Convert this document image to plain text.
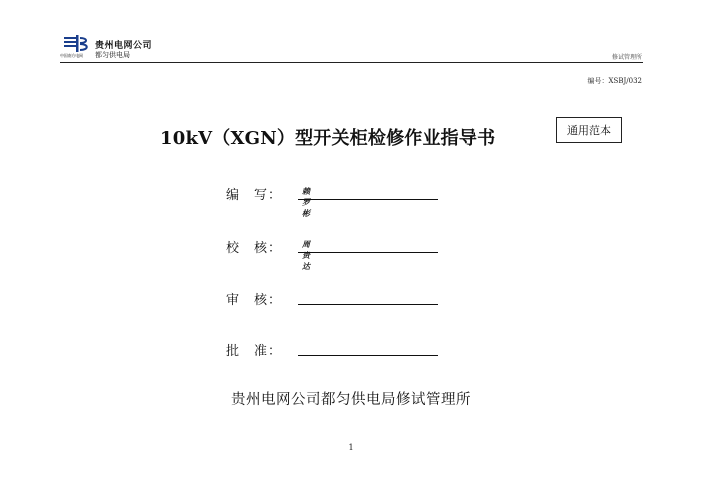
贵州电网公司
都匀供电局
中国南方电网	修试管理所
编号：XSBJ/032
10kV（XGN）型开关柜检修作业指导书	通用范本
编　写： 赖罗彬
校　核： 周贵达
审　核：
批　准：
贵州电网公司都匀供电局修试管理所
1
